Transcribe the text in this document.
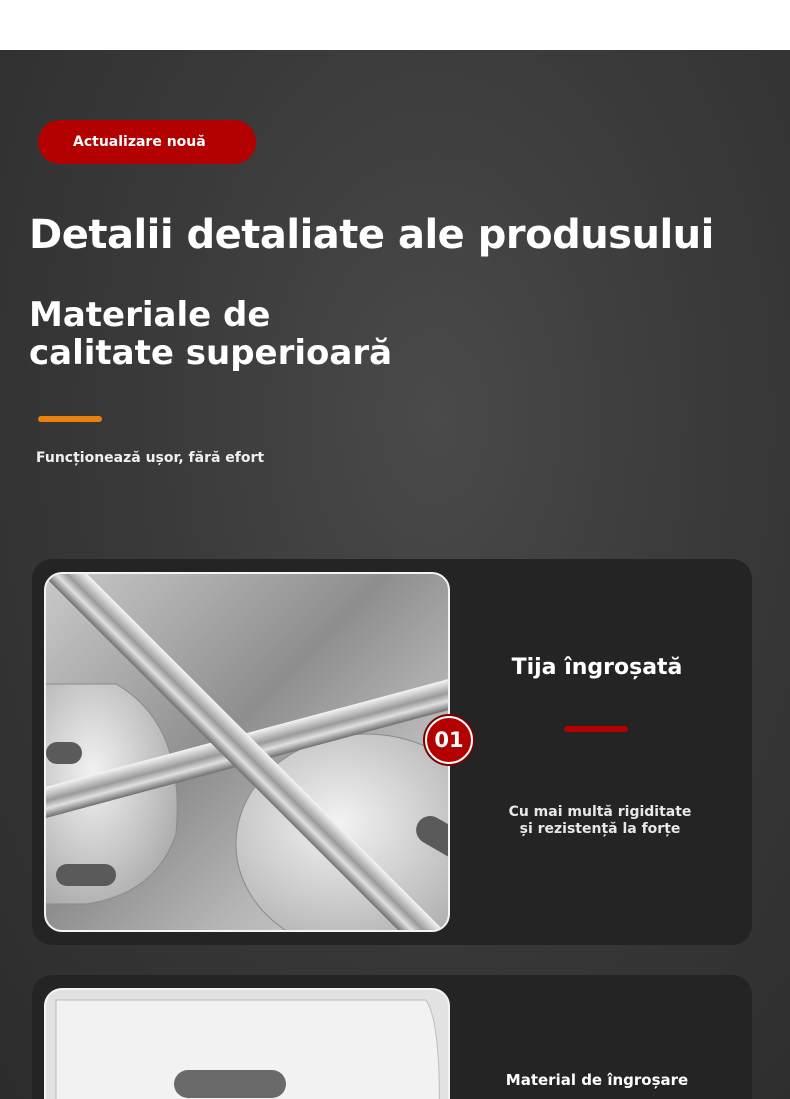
Actualizare nouă
Detalii detaliate ale produsului
Materiale de
calitate superioară
Funcționează ușor, fără efort
01
Tija îngroșată
Cu mai multă rigiditate
și rezistență la forțe
Material de îngroșare
